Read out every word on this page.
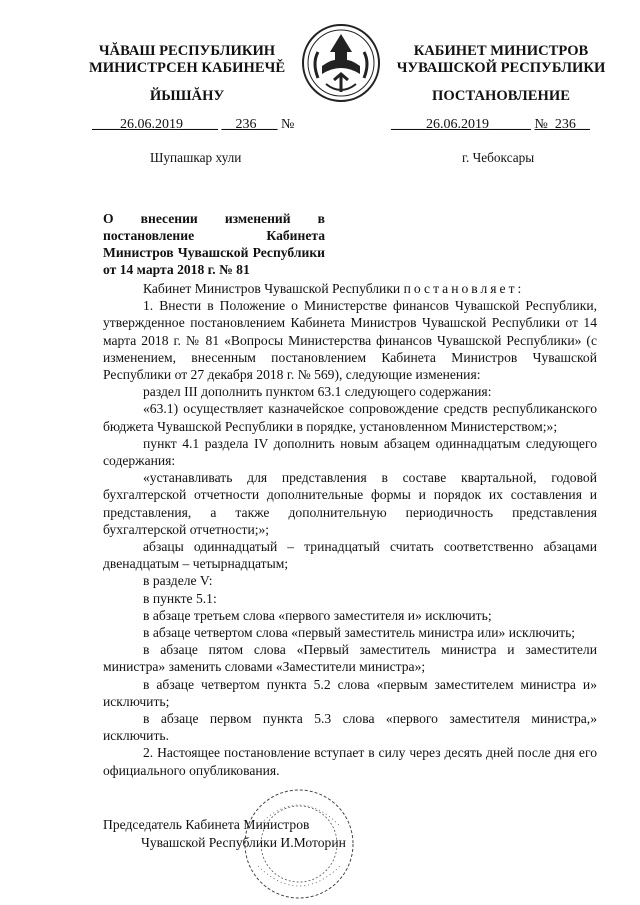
ЧĂВАШ РЕСПУБЛИКИН
МИНИСТРСЕН КАБИНЕЧĚ
ЙЫШĂНУ
КАБИНЕТ МИНИСТРОВ
ЧУВАШСКОЙ РЕСПУБЛИКИ
ПОСТАНОВЛЕНИЕ
____26.06.2019_____ __236___ №	_____26.06.2019______ № 236__
Шупашкар хули	г. Чебоксары
О внесении изменений в постановление Кабинета Министров Чувашской Республики от 14 марта 2018 г. № 81

Кабинет Министров Чувашской Республики постановляет:

1. Внести в Положение о Министерстве финансов Чувашской Республики, утвержденное постановлением Кабинета Министров Чувашской Республики от 14 марта 2018 г. № 81 «Вопросы Министерства финансов Чувашской Республики» (с изменением, внесенным постановлением Кабинета Министров Чувашской Республики от 27 декабря 2018 г. № 569), следующие изменения:

раздел III дополнить пунктом 63.1 следующего содержания:

«63.1) осуществляет казначейское сопровождение средств республиканского бюджета Чувашской Республики в порядке, установленном Министерством;»;

пункт 4.1 раздела IV дополнить новым абзацем одиннадцатым следующего содержания:

«устанавливать для представления в составе квартальной, годовой бухгалтерской отчетности дополнительные формы и порядок их составления и представления, а также дополнительную периодичность представления бухгалтерской отчетности;»;

абзацы одиннадцатый – тринадцатый считать соответственно абзацами двенадцатым – четырнадцатым;

в разделе V:

в пункте 5.1:

в абзаце третьем слова «первого заместителя и» исключить;

в абзаце четвертом слова «первый заместитель министра или» исключить;

в абзаце пятом слова «Первый заместитель министра и заместители министра» заменить словами «Заместители министра»;

в абзаце четвертом пункта 5.2 слова «первым заместителем министра и» исключить;

в абзаце первом пункта 5.3 слова «первого заместителя министра,» исключить.

2. Настоящее постановление вступает в силу через десять дней после дня его официального опубликования.

Председатель Кабинета Министров
Чувашской Республики И.Моторин
